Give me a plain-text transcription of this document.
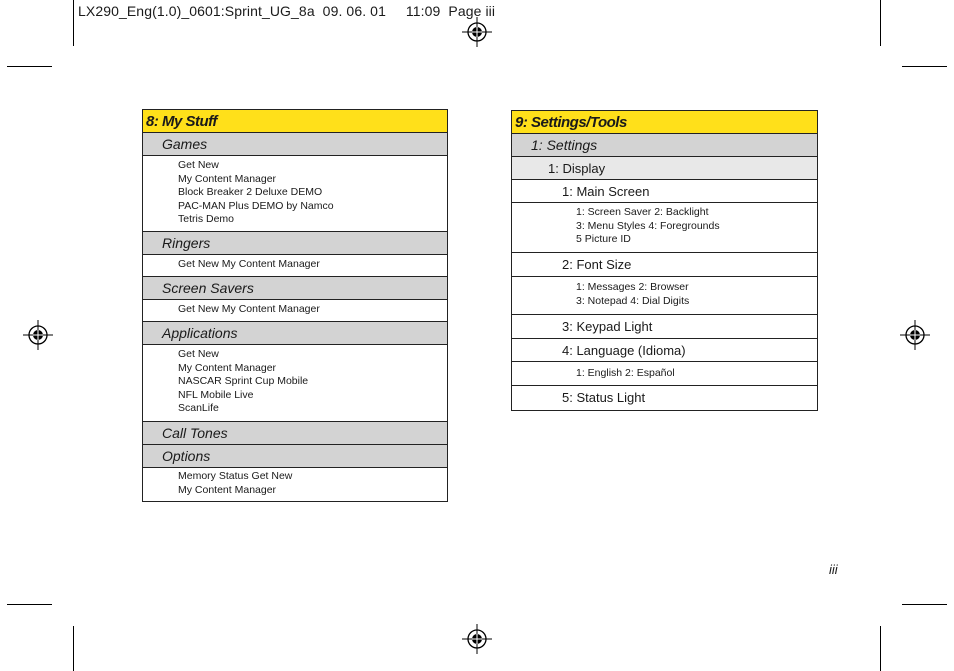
LX290_Eng(1.0)_0601:Sprint_UG_8a  09. 06. 01     11:09  Page iii
8: My Stuff
Games
Get New
My Content Manager
Block Breaker 2 Deluxe DEMO
PAC-MAN Plus DEMO by Namco
Tetris Demo
Ringers
Get New My Content Manager
Screen Savers
Get New My Content Manager
Applications
Get New
My Content Manager
NASCAR Sprint Cup Mobile
NFL Mobile Live
ScanLife
Call Tones
Options
Memory Status Get New
My Content Manager
9: Settings/Tools
1: Settings
1: Display
1: Main Screen
1: Screen Saver 2: Backlight
3: Menu Styles 4: Foregrounds
5 Picture ID
2: Font Size
1: Messages 2: Browser
3: Notepad 4: Dial Digits
3: Keypad Light
4: Language (Idioma)
1: English 2: Español
5: Status Light
iii
